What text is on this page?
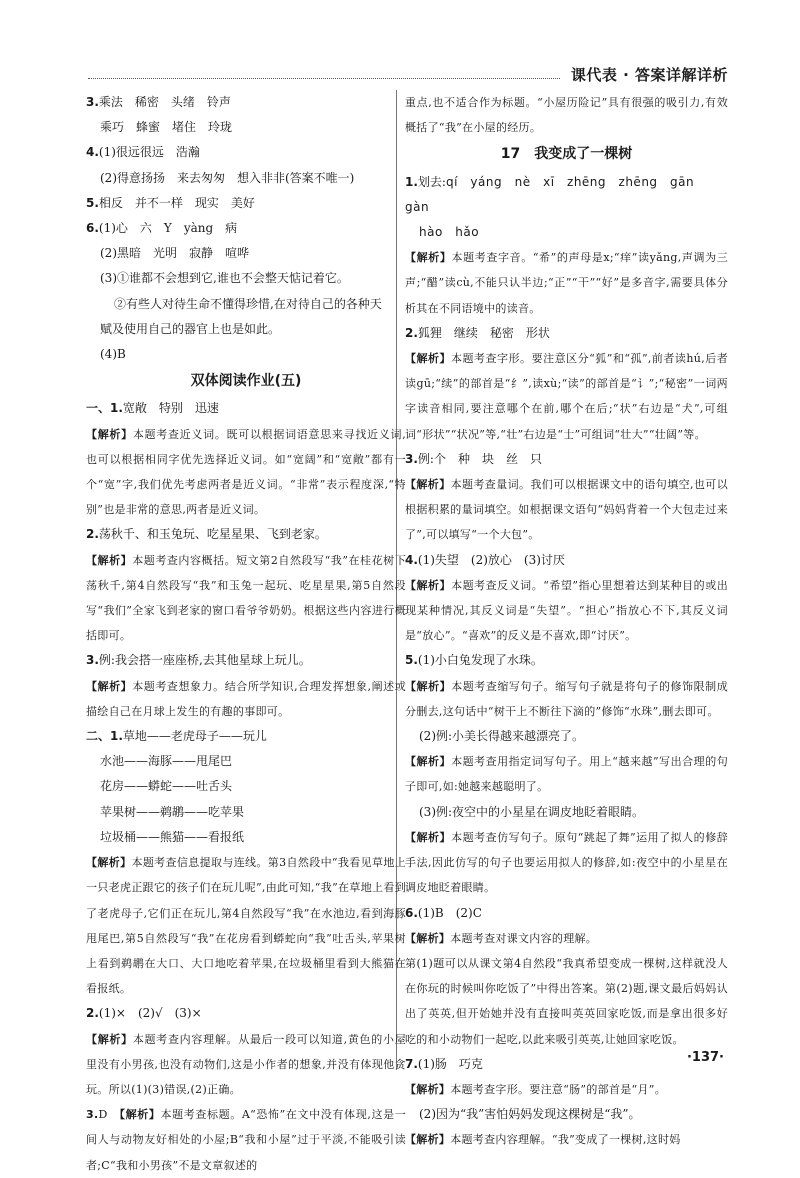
课代表 · 答案详解详析

3.乘法　稀密　头绪　铃声

乘巧　蜂蜜　堵住　玲珑

4.(1)很远很远　浩瀚

(2)得意扬扬　来去匆匆　想入非非(答案不唯一)

5.相反　并不一样　现实　美好

6.(1)心　六　Y　yàng　病

(2)黑暗　光明　寂静　喧哗

(3)①谁都不会想到它,谁也不会整天惦记着它。

②有些人对待生命不懂得珍惜,在对待自己的各种天

赋及使用自己的器官上也是如此。

(4)B

双体阅读作业(五)

一、1.宽敞　特别　迅速

【解析】本题考查近义词。既可以根据词语意思来寻找近义词,也可以根据相同字优先选择近义词。如“宽阔”和“宽敞”都有一个“宽”字,我们优先考虑两者是近义词。“非常”表示程度深,“特别”也是非常的意思,两者是近义词。

2.荡秋千、和玉兔玩、吃星星果、飞到老家。

【解析】本题考查内容概括。短文第2自然段写“我”在桂花树下荡秋千,第4自然段写“我”和玉兔一起玩、吃星星果,第5自然段写“我们”全家飞到老家的窗口看爷爷奶奶。根据这些内容进行概括即可。

3.例:我会搭一座座桥,去其他星球上玩儿。

【解析】本题考查想象力。结合所学知识,合理发挥想象,阐述或描绘自己在月球上发生的有趣的事即可。

二、1.草地——老虎母子——玩儿

水池——海豚——甩尾巴

花房——蟒蛇——吐舌头

苹果树——鹈鹕——吃苹果

垃圾桶——熊猫——看报纸

【解析】本题考查信息提取与连线。第3自然段中“我看见草地上一只老虎正跟它的孩子们在玩儿呢”,由此可知,“我”在草地上看到了老虎母子,它们正在玩儿,第4自然段写“我”在水池边,看到海豚甩尾巴,第5自然段写“我”在花房看到蟒蛇向“我”吐舌头,苹果树上看到鹈鹕在大口、大口地吃着苹果,在垃圾桶里看到大熊猫在看报纸。

2.(1)×　(2)√　(3)×

【解析】本题考查内容理解。从最后一段可以知道,黄色的小屋里没有小男孩,也没有动物们,这是小作者的想象,并没有体现他贪玩。所以(1)(3)错误,(2)正确。

3.D　【解析】本题考查标题。A“恐怖”在文中没有体现,这是一间人与动物友好相处的小屋;B“我和小屋”过于平淡,不能吸引读者;C“我和小男孩”不是文章叙述的

重点,也不适合作为标题。“小屋历险记”具有很强的吸引力,有效概括了“我”在小屋的经历。

17　我变成了一棵树

1.划去:qí　yáng　nè　xī　zhēng　zhēng　gān　gàn

hào　hǎo

【解析】本题考查字音。“希”的声母是x;“痒”读yǎng,声调为三声;“醋”读cù,不能只认半边;“正”“干”“好”是多音字,需要具体分析其在不同语境中的读音。

2.狐狸　继续　秘密　形状

【解析】本题考查字形。要注意区分“狐”和“孤”,前者读hú,后者读gū;“续”的部首是“纟”,读xù;“读”的部首是“讠”;“秘密”一词两字读音相同,要注意哪个在前,哪个在后;“状”右边是“犬”,可组词“形状”“状况”等,“壮”右边是“士”可组词“壮大”“壮阔”等。

3.例:个　种　块　丝　只

【解析】本题考查量词。我们可以根据课文中的语句填空,也可以根据积累的量词填空。如根据课文语句“妈妈背着一个大包走过来了”,可以填写“一个大包”。

4.(1)失望　(2)放心　(3)讨厌

【解析】本题考查反义词。“希望”指心里想着达到某种目的或出现某种情况,其反义词是“失望”。“担心”指放心不下,其反义词是“放心”。“喜欢”的反义是不喜欢,即“讨厌”。

5.(1)小白兔发现了水珠。

【解析】本题考查缩写句子。缩写句子就是将句子的修饰限制成分删去,这句话中“树干上不断往下滴的”修饰“水珠”,删去即可。

(2)例:小美长得越来越漂亮了。

【解析】本题考查用指定词写句子。用上“越来越”写出合理的句子即可,如:她越来越聪明了。

(3)例:夜空中的小星星在调皮地眨着眼睛。

【解析】本题考查仿写句子。原句“跳起了舞”运用了拟人的修辞手法,因此仿写的句子也要运用拟人的修辞,如:夜空中的小星星在调皮地眨着眼睛。

6.(1)B　(2)C

【解析】本题考查对课文内容的理解。

第(1)题可以从课文第4自然段“我真希望变成一棵树,这样就没人在你玩的时候叫你吃饭了”中得出答案。第(2)题,课文最后妈妈认出了英英,但开始她并没有直接叫英英回家吃饭,而是拿出很多好吃的和小动物们一起吃,以此来吸引英英,让她回家吃饭。

7.(1)肠　巧克

【解析】本题考查字形。要注意“肠”的部首是“月”。

(2)因为“我”害怕妈妈发现这棵树是“我”。

【解析】本题考查内容理解。“我”变成了一棵树,这时妈

·137·
